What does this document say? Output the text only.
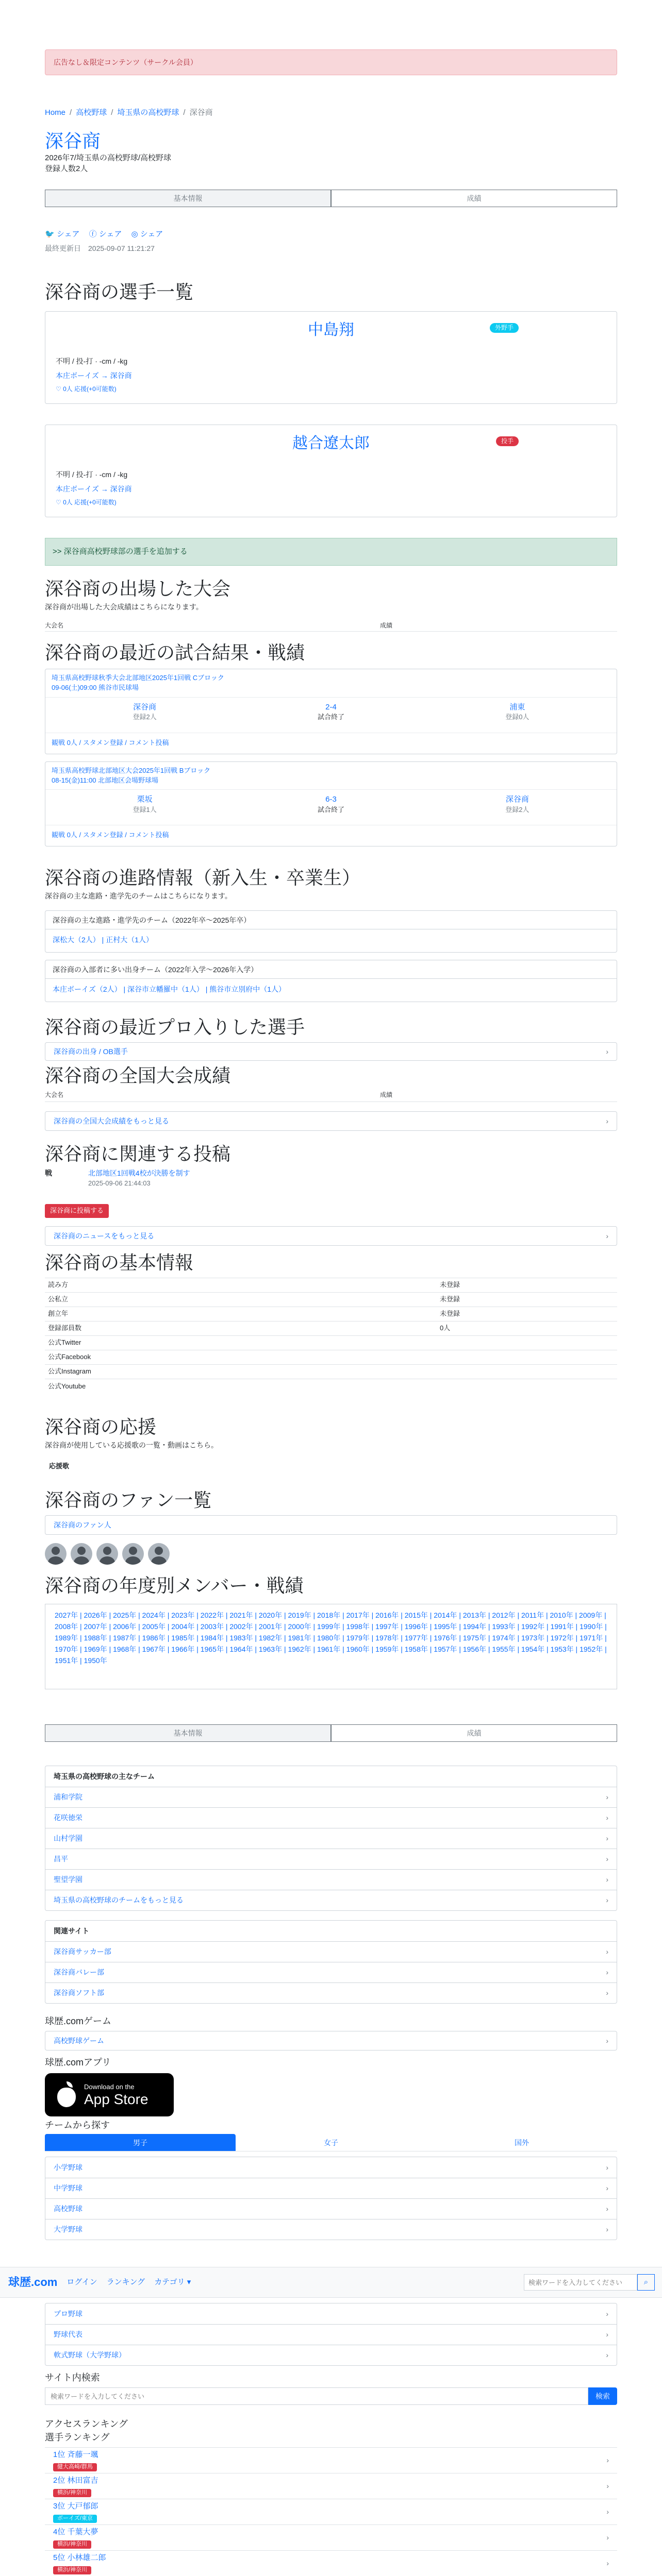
広告なし＆限定コンテンツ（サークル会員）
Home / 高校野球 / 埼玉県の高校野球 / 深谷商
深谷商
2026年7/埼玉県の高校野球/高校野球
登録人数2人
基本情報	成績
🐦 シェア ⓕ シェア ◎ シェア
最終更新日　 2025-09-07 11:21:27
深谷商の選手一覧
中島翔	外野手
不明 / 投-打 · -cm / -kg
本庄ボーイズ → 深谷商
♡ 0人 応援(+0可能数)
越合遼太郎	投手
不明 / 投-打 · -cm / -kg
本庄ボーイズ → 深谷商
♡ 0人 応援(+0可能数)
>> 深谷商高校野球部の選手を追加する
深谷商の出場した大会
深谷商が出場した大会成績はこちらになります。
大会名	成績
深谷商の最近の試合結果・戦績
埼玉県高校野球秋季大会北部地区2025年1回戦 Cブロック
09-06(土)09:00 熊谷市民球場
深谷商
登録2人
2-4
試合終了
浦東
登録0人
観戦 0人 / スタメン登録 / コメント投稿
埼玉県高校野球北部地区大会2025年1回戦 Bブロック
08-15(金)11:00 北部地区会場野球場
栗坂
登録1人
6-3
試合終了
深谷商
登録2人
観戦 0人 / スタメン登録 / コメント投稿
深谷商の進路情報（新入生・卒業生）
深谷商の主な進路・進学先のチームはこちらになります。
深谷商の主な進路・進学先のチーム（2022年卒〜2025年卒）
深松大（2人） | 正村大（1人）
深谷商の入部者に多い出身チーム（2022年入学〜2026年入学）
本庄ボーイズ（2人） | 深谷市立幡羅中（1人） | 熊谷市立別府中（1人）
深谷商の最近プロ入りした選手
深谷商の出身 / OB選手	›
深谷商の全国大会成績
大会名	成績
深谷商の全国大会成績をもっと見る	›
深谷商に関連する投稿
戦	北部地区1回戦4校が決勝を制す
2025-09-06 21:44:03
深谷商に投稿する
深谷商のニュースをもっと見る	›
深谷商の基本情報
読み方	未登録
公私立	未登録
創立年	未登録
登録部員数	0人
公式Twitter	
公式Facebook	
公式Instagram	
公式Youtube	
深谷商の応援
深谷商が使用している応援歌の一覧・動画はこちら。
応援歌
深谷商のファン一覧
深谷商のファン人
深谷商の年度別メンバー・戦績
2027年 | 2026年 | 2025年 | 2024年 | 2023年 | 2022年 | 2021年 | 2020年 | 2019年 | 2018年 | 2017年 | 2016年 | 2015年 | 2014年 | 2013年 | 2012年 | 2011年 | 2010年 | 2009年 | 2008年 | 2007年 | 2006年 | 2005年 | 2004年 | 2003年 | 2002年 | 2001年 | 2000年 | 1999年 | 1998年 | 1997年 | 1996年 | 1995年 | 1994年 | 1993年 | 1992年 | 1991年 | 1990年 | 1989年 | 1988年 | 1987年 | 1986年 | 1985年 | 1984年 | 1983年 | 1982年 | 1981年 | 1980年 | 1979年 | 1978年 | 1977年 | 1976年 | 1975年 | 1974年 | 1973年 | 1972年 | 1971年 | 1970年 | 1969年 | 1968年 | 1967年 | 1966年 | 1965年 | 1964年 | 1963年 | 1962年 | 1961年 | 1960年 | 1959年 | 1958年 | 1957年 | 1956年 | 1955年 | 1954年 | 1953年 | 1952年 | 1951年 | 1950年
基本情報	成績
埼玉県の高校野球の主なチーム
浦和学院	›
花咲徳栄	›
山村学園	›
昌平	›
聖望学園	›
埼玉県の高校野球のチームをもっと見る	›
関連サイト
深谷商サッカー部	›
深谷商バレー部	›
深谷商ソフト部	›
球歴.comゲーム
高校野球ゲーム	›
球歴.comアプリ
Download on the
App Store
チームから探す
男子	女子	国外
小学野球	›
中学野球	›
高校野球	›
大学野球	›
球歴.com ログイン ランキング カテゴリ ▾
検索ワードを入力してください	⌕
プロ野球	›
野球代表	›
軟式野球（大学野球）	›
サイト内検索
検索ワードを入力してください
検索
アクセスランキング
選手ランキング
1位 斉藤一颯
健大高崎/群馬
›
2位 林田富吉
横浜/神奈川
›
3位 大戸郁郎
ボーイズ/東京
›
4位 千葉大夢
横浜/神奈川
›
5位 小林雄二郎
横浜/神奈川
›
